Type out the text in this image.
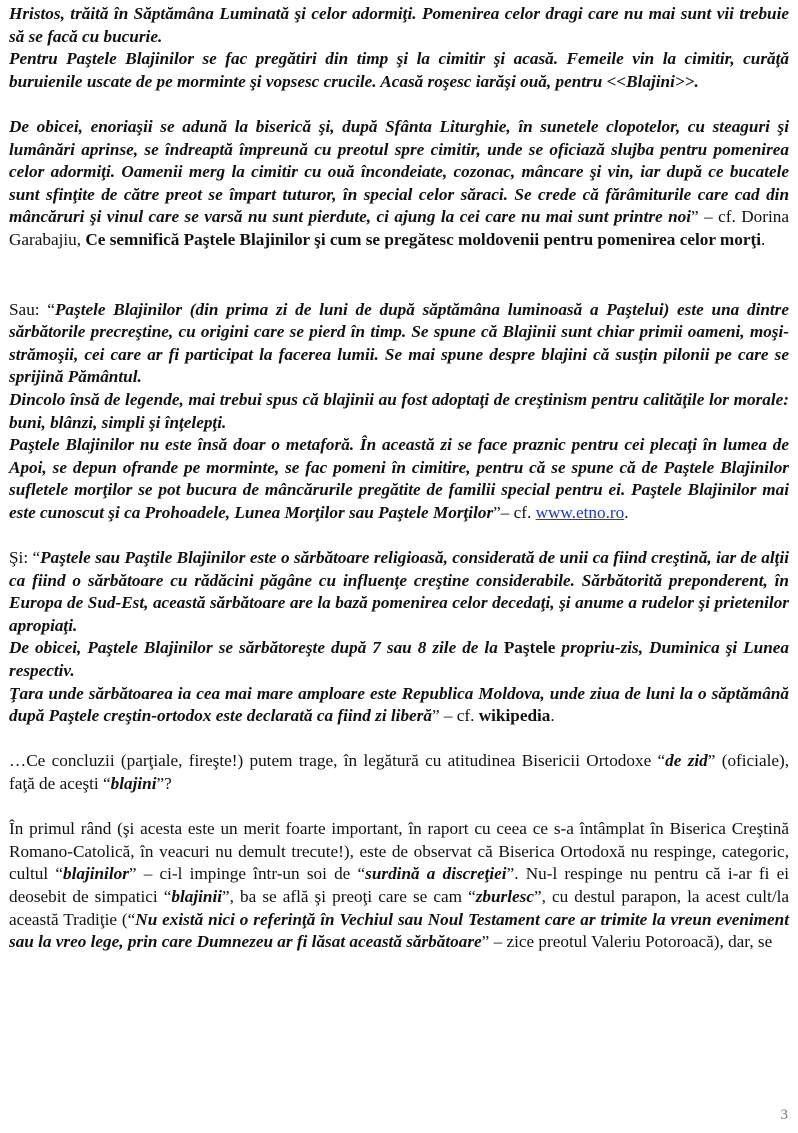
Hristos, trăită în Săptămâna Luminată şi celor adormiţi. Pomenirea celor dragi care nu mai sunt vii trebuie să se facă cu bucurie.

Pentru Paştele Blajinilor se fac pregătiri din timp şi la cimitir şi acasă. Femeile vin la cimitir, curăţă buruienile uscate de pe morminte şi vopsesc crucile. Acasă roşesc iarăşi ouă, pentru <<Blajini>>.

De obicei, enoriaşii se adună la biserică şi, după Sfânta Liturghie, în sunetele clopotelor, cu steaguri şi lumânări aprinse, se îndreaptă împreună cu preotul spre cimitir, unde se oficiază slujba pentru pomenirea celor adormiţi. Oamenii merg la cimitir cu ouă încondeiate, cozonac, mâncare şi vin, iar după ce bucatele sunt sfinţite de către preot se împart tuturor, în special celor săraci. Se crede că fărâmiturile care cad din mâncăruri şi vinul care se varsă nu sunt pierdute, ci ajung la cei care nu mai sunt printre noi” – cf. Dorina Garabajiu, Ce semnifică Paştele Blajinilor şi cum se pregătesc moldovenii pentru pomenirea celor morţi.

Sau: “Paştele Blajinilor (din prima zi de luni de după săptămâna luminoasă a Paştelui) este una dintre sărbătorile precreştine, cu origini care se pierd în timp. Se spune că Blajinii sunt chiar primii oameni, moşi-strămoşii, cei care ar fi participat la facerea lumii. Se mai spune despre blajini că susţin pilonii pe care se sprijină Pământul.

Dincolo însă de legende, mai trebui spus că blajinii au fost adoptaţi de creştinism pentru calităţile lor morale: buni, blânzi, simpli şi înţelepţi.

Paştele Blajinilor nu este însă doar o metaforă. În această zi se face praznic pentru cei plecaţi în lumea de Apoi, se depun ofrande pe morminte, se fac pomeni în cimitire, pentru că se spune că de Paştele Blajinilor sufletele morţilor se pot bucura de mâncărurile pregătite de familii special pentru ei. Paştele Blajinilor mai este cunoscut şi ca Prohoadele, Lunea Morţilor sau Paştele Morţilor”– cf. www.etno.ro.

Şi: “Paştele sau Paştile Blajinilor este o sărbătoare religioasă, considerată de unii ca fiind creştină, iar de alţii ca fiind o sărbătoare cu rădăcini păgâne cu influenţe creştine considerabile. Sărbătorită preponderent, în Europa de Sud-Est, această sărbătoare are la bază pomenirea celor decedaţi, şi anume a rudelor şi prietenilor apropiaţi.

De obicei, Paştele Blajinilor se sărbătoreşte după 7 sau 8 zile de la Paştele propriu-zis, Duminica şi Lunea respectiv.

Ţara unde sărbătoarea ia cea mai mare amploare este Republica Moldova, unde ziua de luni la o săptămână după Paştele creştin-ortodox este declarată ca fiind zi liberă” – cf. wikipedia.

…Ce concluzii (parţiale, fireşte!) putem trage, în legătură cu atitudinea Bisericii Ortodoxe “de zid” (oficiale), faţă de aceşti “blajini”?

În primul rând (şi acesta este un merit foarte important, în raport cu ceea ce s-a întâmplat în Biserica Creştină Romano-Catolică, în veacuri nu demult trecute!), este de observat că Biserica Ortodoxă nu respinge, categoric, cultul “blajinilor” – ci-l impinge într-un soi de “surdină a discreţiei”. Nu-l respinge nu pentru că i-ar fi ei deosebit de simpatici “blajinii”, ba se află şi preoţi care se cam “zburlesc”, cu destul parapon, la acest cult/la această Tradiţie (“Nu există nici o referinţă în Vechiul sau Noul Testament care ar trimite la vreun eveniment sau la vreo lege, prin care Dumnezeu ar fi lăsat această sărbătoare” – zice preotul Valeriu Potoroacă), dar, se

3
